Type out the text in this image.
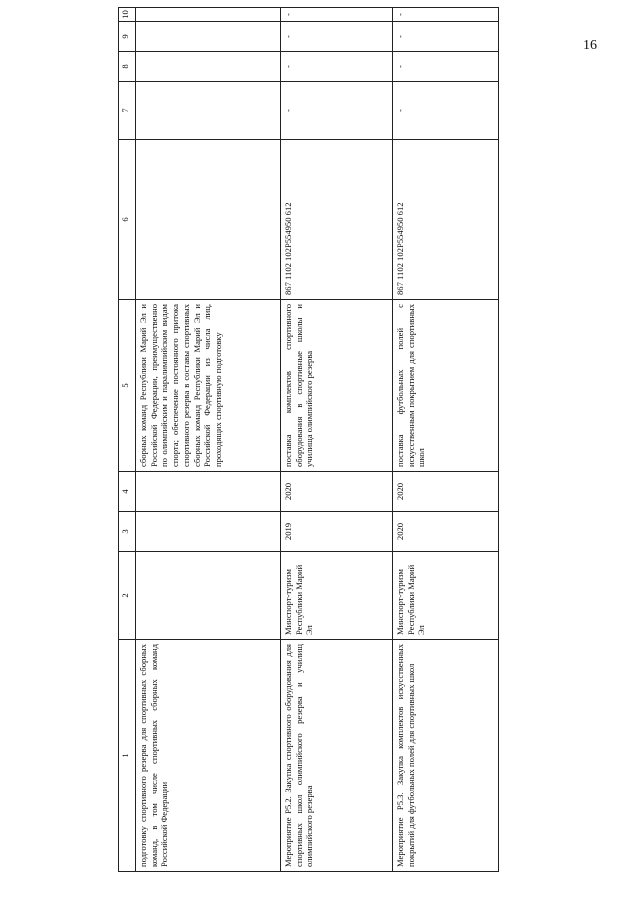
16
1	2	3	4	5	6	7	8	9	10
подготовку спортивного резерва для спортивных сборных команд, в том числе спортивных сборных команд Российской Федерации				сборных команд Республики Марий Эл и Российской Федерации, преимущественно по олимпийским и паралимпийским видам спорта; обеспечение постоянного притока спортивного резерва в составы спортивных сборных команд Республики Марий Эл и Российской Федерации из числа лиц, проходящих спортивную подготовку					
Мероприятие Р5.2. Закупка спортивного оборудования для спортивных школ олимпийского резерва и училищ олимпийского резерва	Минспорт-туризм Республики Марий Эл	2019	2020	поставка комплектов спортивного оборудования в спортивные школы и училища олимпийского резерва	867 1102 102Р554950 612	-	-	-	-
Мероприятие Р5.3. Закупка комплектов искусственных покрытий для футбольных полей для спортивных школ	Минспорт-туризм Республики Марий Эл	2020	2020	поставка футбольных полей с искусственным покрытием для спортивных школ	867 1102 102Р554950 612	-	-	-	-
